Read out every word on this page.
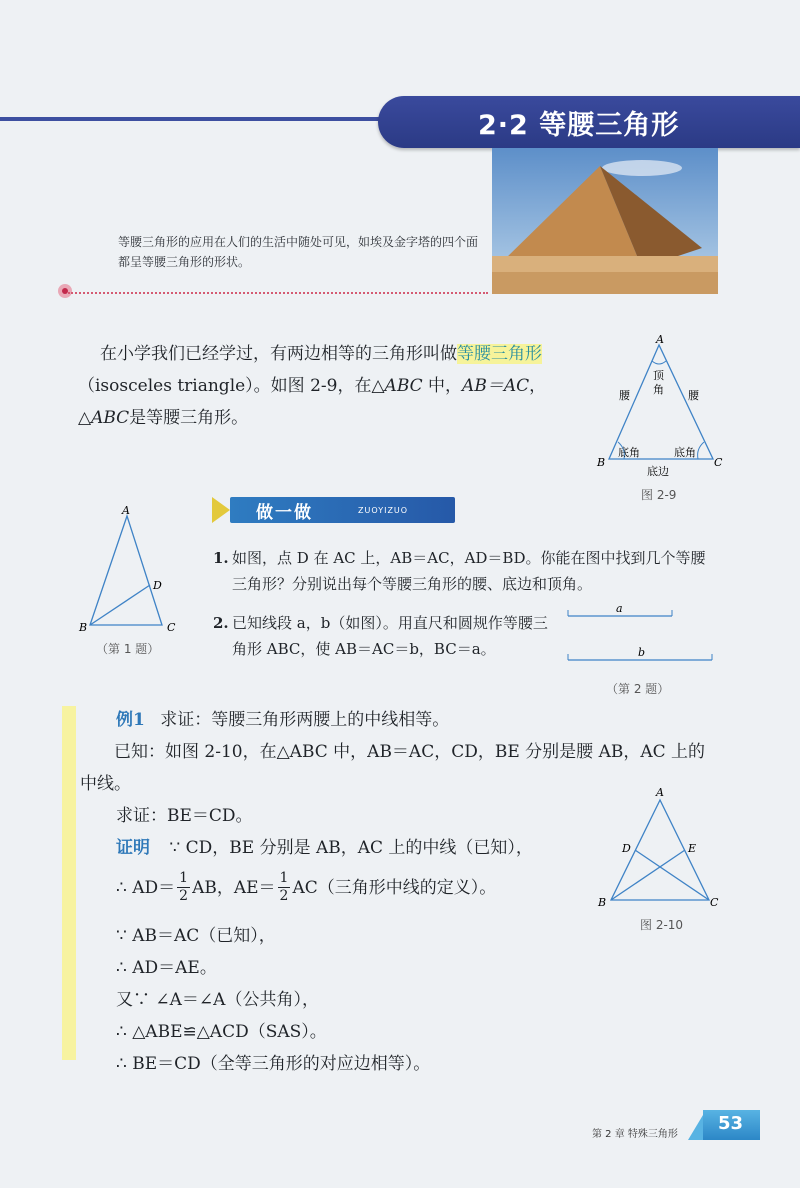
2·2 等腰三角形
等腰三角形的应用在人们的生活中随处可见，如埃及金字塔的四个面都呈等腰三角形的形状。
在小学我们已经学过，有两边相等的三角形叫做等腰三角形（isosceles triangle）。如图 2-9，在△ABC 中，AB＝AC，
△ABC是等腰三角形。
A
B	C
腰	腰
顶
角
底角	底角
底边
图 2-9
做一做	ZUOYIZUO
A
B	C
D
（第 1 题）
1. 如图，点 D 在 AC 上，AB＝AC，AD＝BD。你能在图中找到几个等腰三角形？分别说出每个等腰三角形的腰、底边和顶角。
2. 已知线段 a，b（如图）。用直尺和圆规作等腰三角形 ABC，使 AB＝AC＝b，BC＝a。
a
b
（第 2 题）
例1 求证：等腰三角形两腰上的中线相等。
已知：如图 2-10，在△ABC 中，AB＝AC，CD，BE 分别是腰 AB，AC 上的中线。
求证：BE＝CD。
证明 ∵ CD，BE 分别是 AB，AC 上的中线（已知），
∴ $AD= \frac{1}{2}$ AB，$AE= \frac{1}{2} AC$（三角形中线的定义）。
∵ AB＝AC（已知），
∴ AD＝AE。
又∵ ∠A＝∠A（公共角），
∴ △ABE≌△ACD（SAS）。
∴ BE＝CD（全等三角形的对应边相等）。
A
B	C
D	E
图 2-10
第 2 章 特殊三角形
53
